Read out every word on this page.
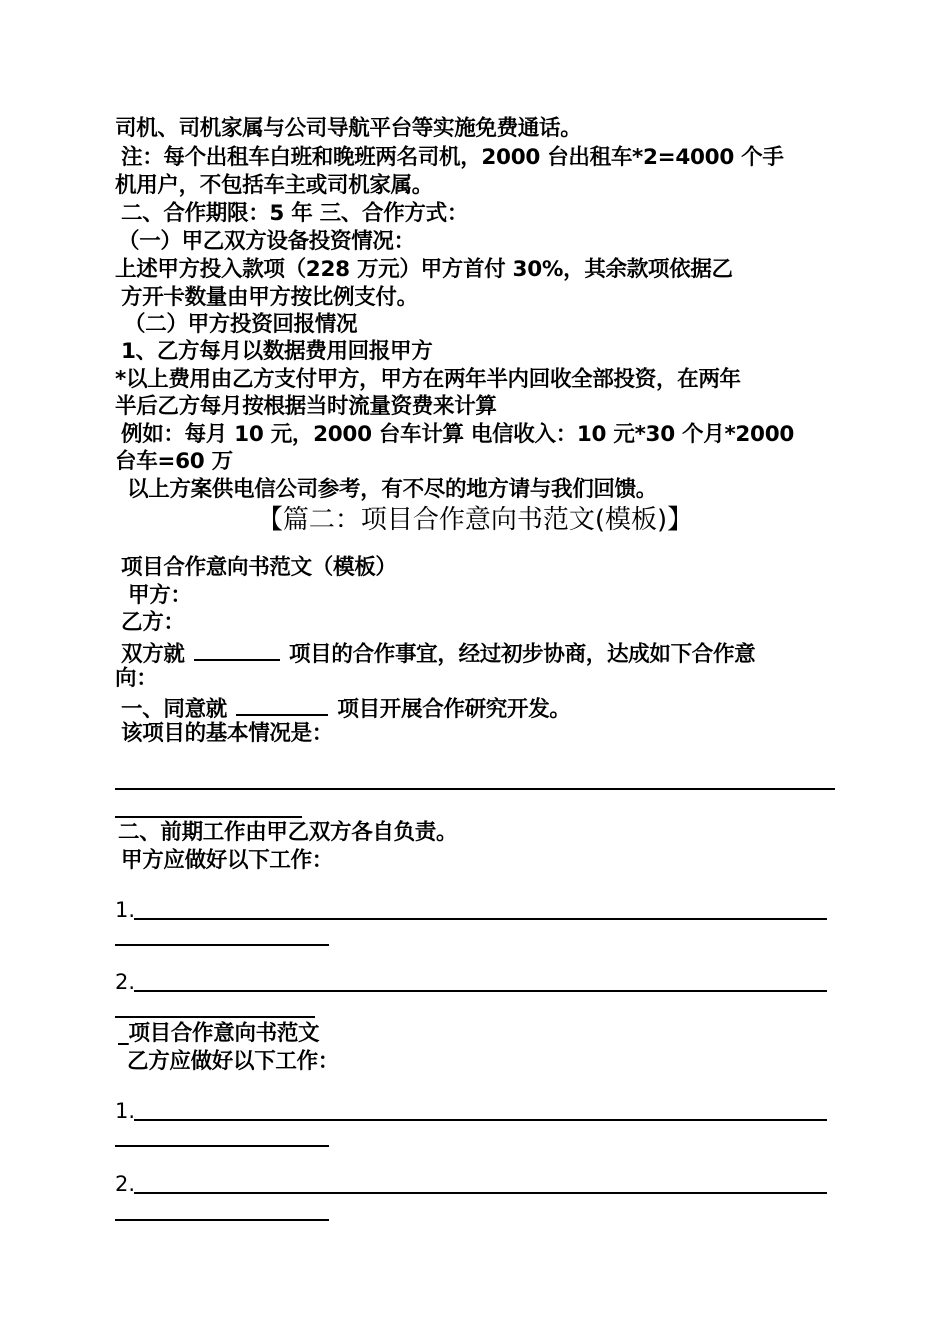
司机、司机家属与公司导航平台等实施免费通话。
注：每个出租车白班和晚班两名司机，2000 台出租车*2=4000 个手
机用户，不包括车主或司机家属。
二、合作期限：5 年 三、合作方式：
（一）甲乙双方设备投资情况：
上述甲方投入款项（228 万元）甲方首付 30%，其余款项依据乙
方开卡数量由甲方按比例支付。
（二）甲方投资回报情况
1、乙方每月以数据费用回报甲方
*以上费用由乙方支付甲方，甲方在两年半内回收全部投资，在两年
半后乙方每月按根据当时流量资费来计算
例如：每月 10 元，2000 台车计算 电信收入：10 元*30 个月*2000
台车=60 万
以上方案供电信公司参考，有不尽的地方请与我们回馈。
【篇二：项目合作意向书范文(模板)】
项目合作意向书范文（模板）
甲方：
乙方：
双方就	项目的合作事宜，经过初步协商，达成如下合作意
向：
一、同意就	项目开展合作研究开发。
该项目的基本情况是：
二、前期工作由甲乙双方各自负责。
甲方应做好以下工作：
1.
2.
_项目合作意向书范文
乙方应做好以下工作：
1.
2.
